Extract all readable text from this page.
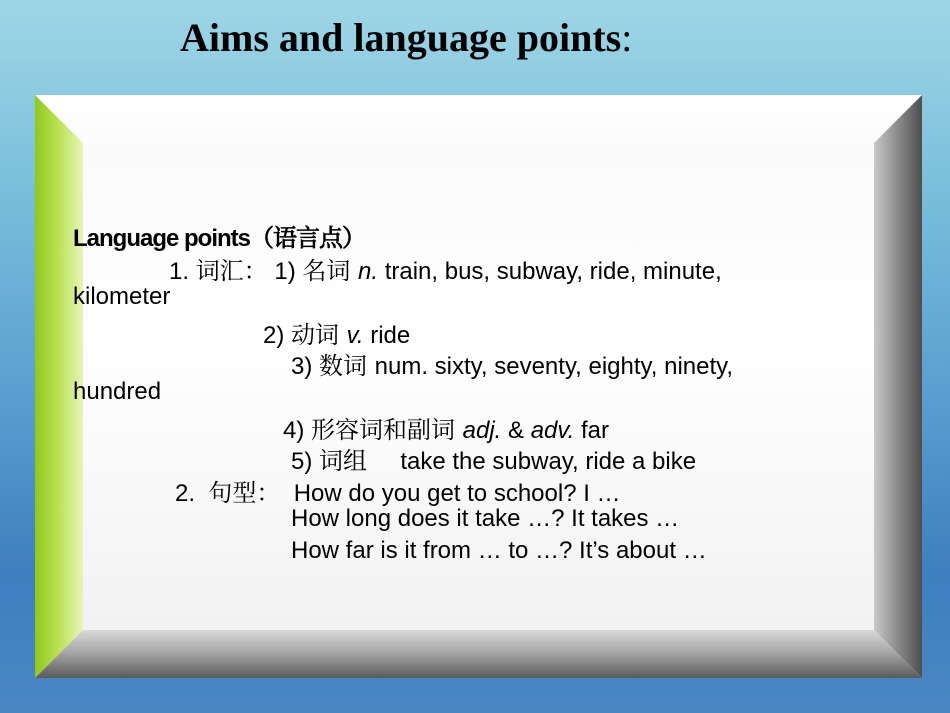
Aims and language points:
Language points（语言点）
1. 词汇： 1) 名词 n. train, bus, subway, ride, minute,
kilometer
2) 动词 v. ride
3) 数词 num. sixty, seventy, eighty, ninety,
hundred
4) 形容词和副词 adj. & adv. far
5) 词组     take the subway, ride a bike
2.  句型：  How do you get to school? I …
How long does it take …? It takes …
How far is it from … to …? It’s about …
